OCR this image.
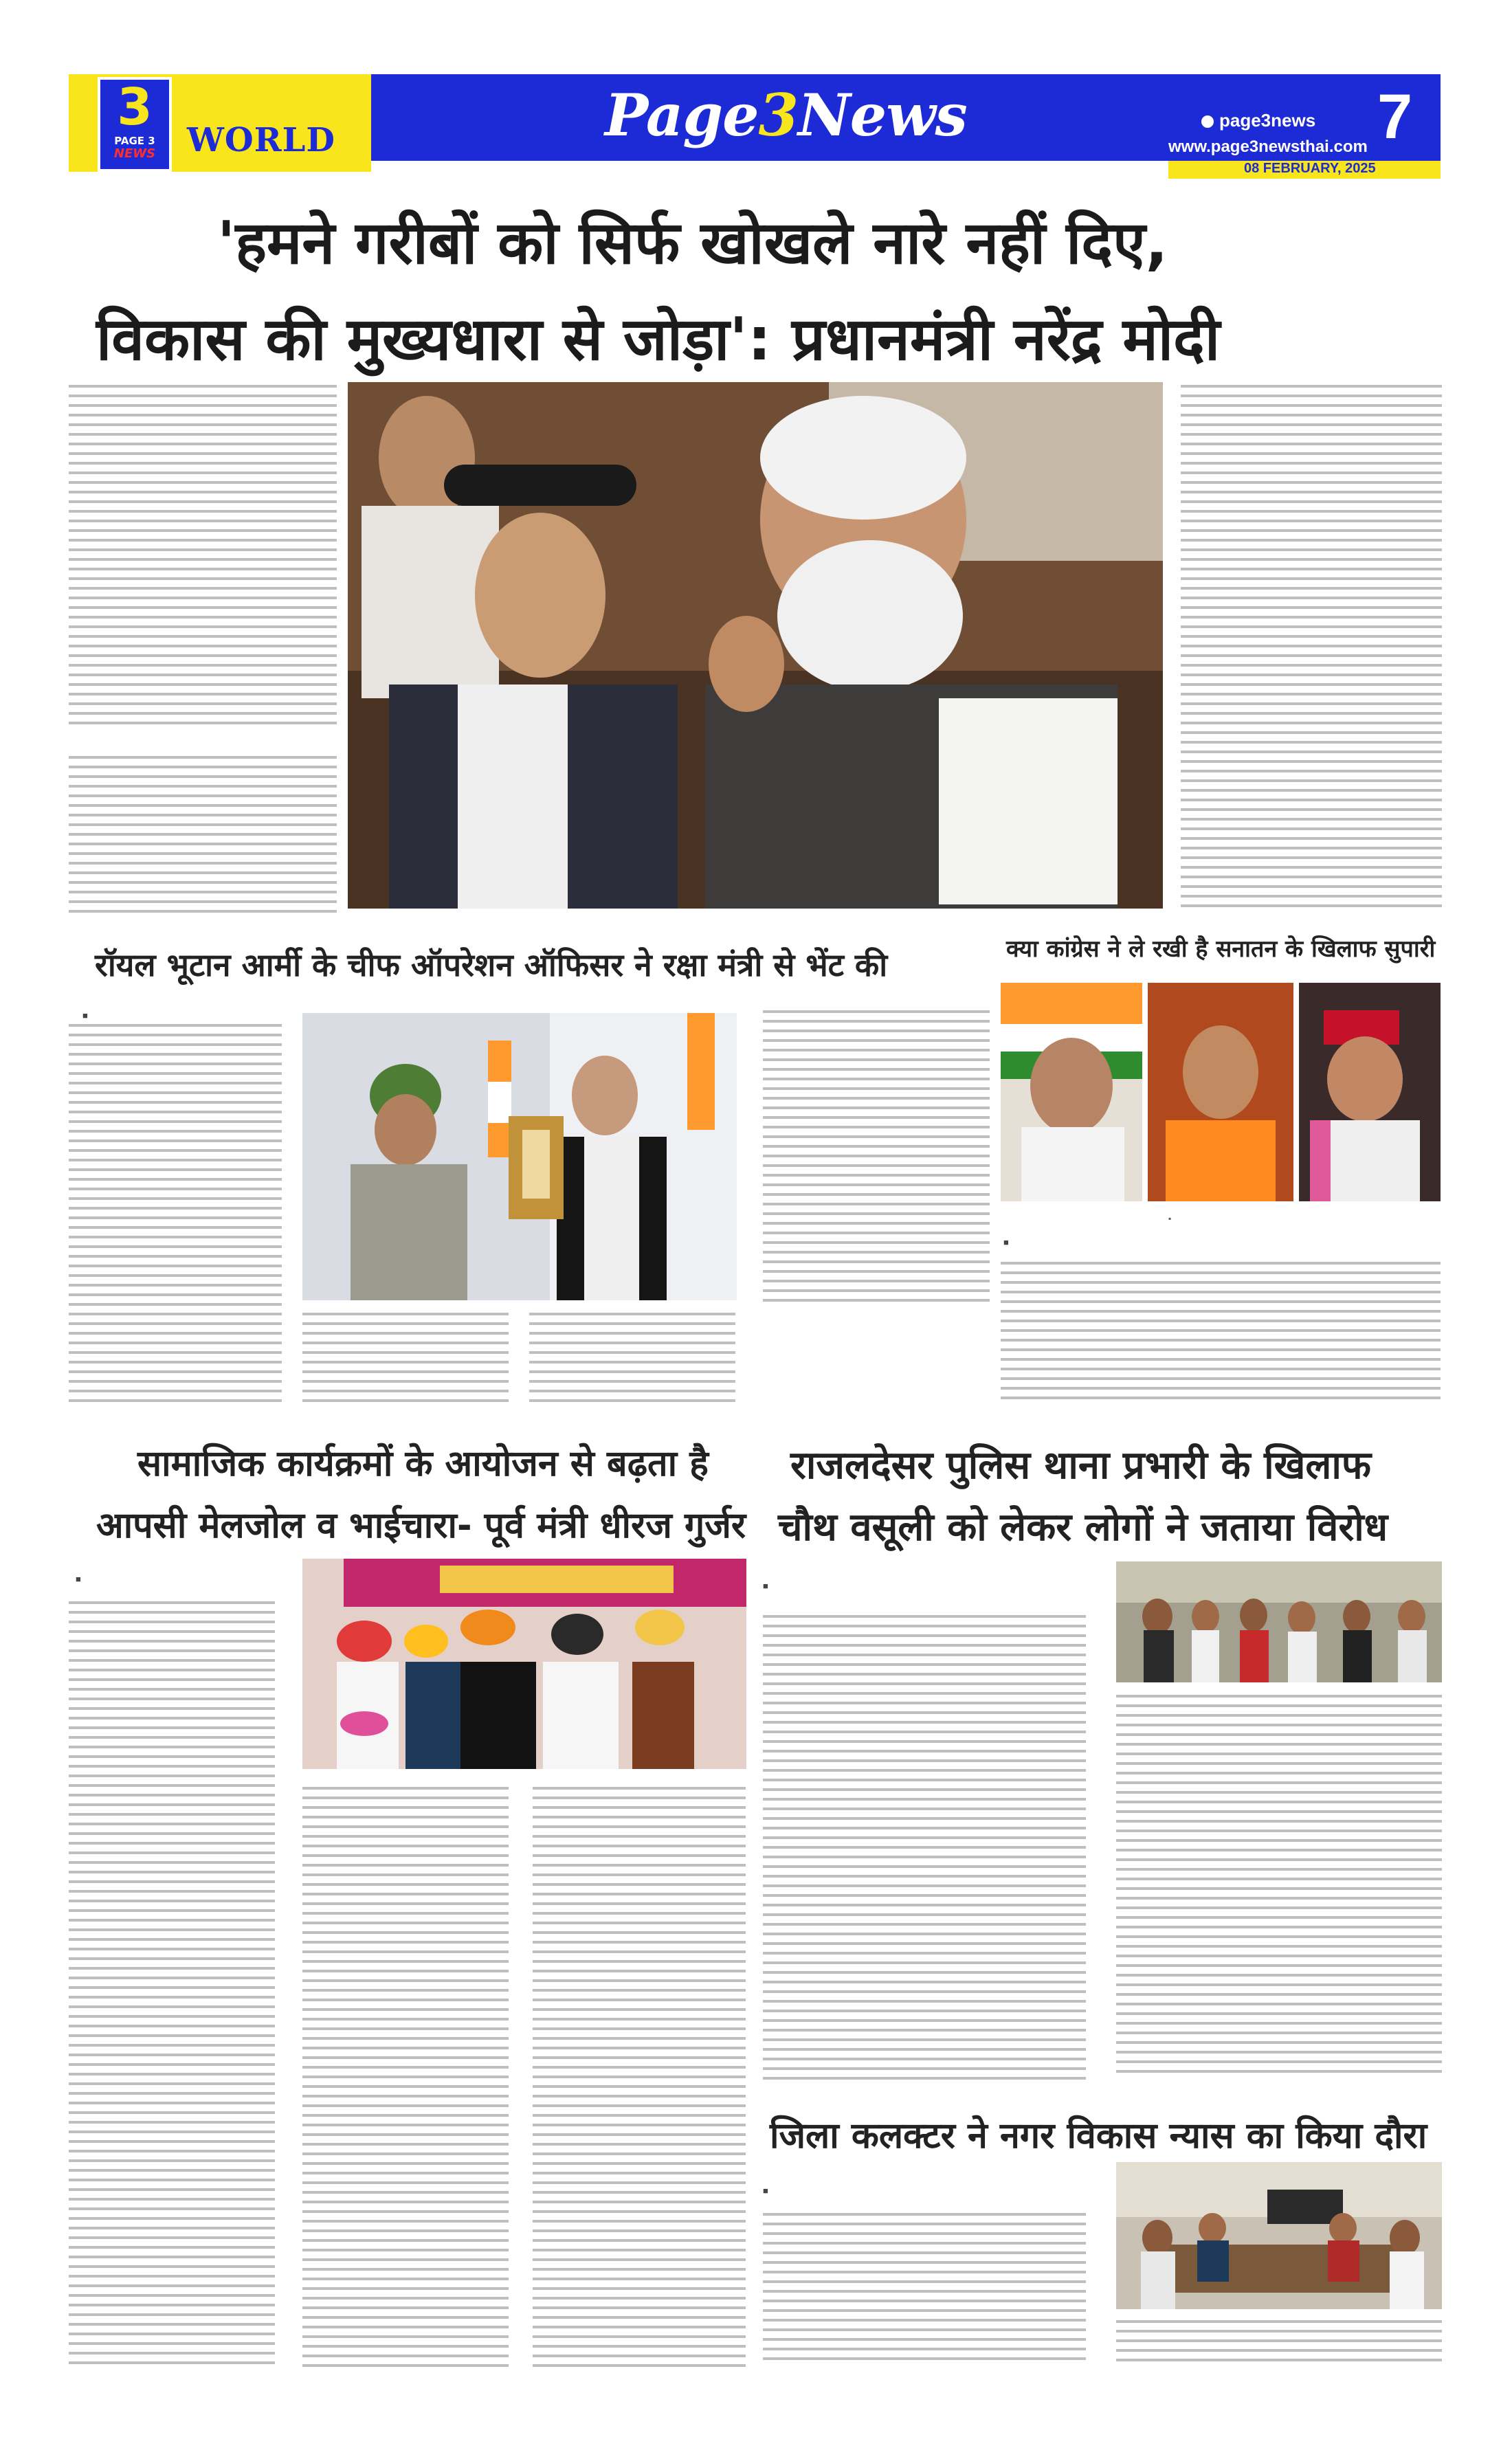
3
PAGE 3
NEWS WORLD	Page3News	page3news
www.page3newsthai.com 7
08 FEBRUARY, 2025
'हमने गरीबों को सिर्फ खोखले नारे नहीं दिए,
विकास की मुख्यधारा से जोड़ा': प्रधानमंत्री नरेंद्र मोदी
रॉयल भूटान आर्मी के चीफ ऑपरेशन ऑफिसर ने रक्षा मंत्री से भेंट की
■
क्या कांग्रेस ने ले रखी है सनातन के खिलाफ सुपारी
▪
■
सामाजिक कार्यक्रमों के आयोजन से बढ़ता है
आपसी मेलजोल व भाईचारा- पूर्व मंत्री धीरज गुर्जर
■
राजलदेसर पुलिस थाना प्रभारी के खिलाफ
चौथ वसूली को लेकर लोगों ने जताया विरोध
■
जिला कलक्टर ने नगर विकास न्यास का किया दौरा
■
